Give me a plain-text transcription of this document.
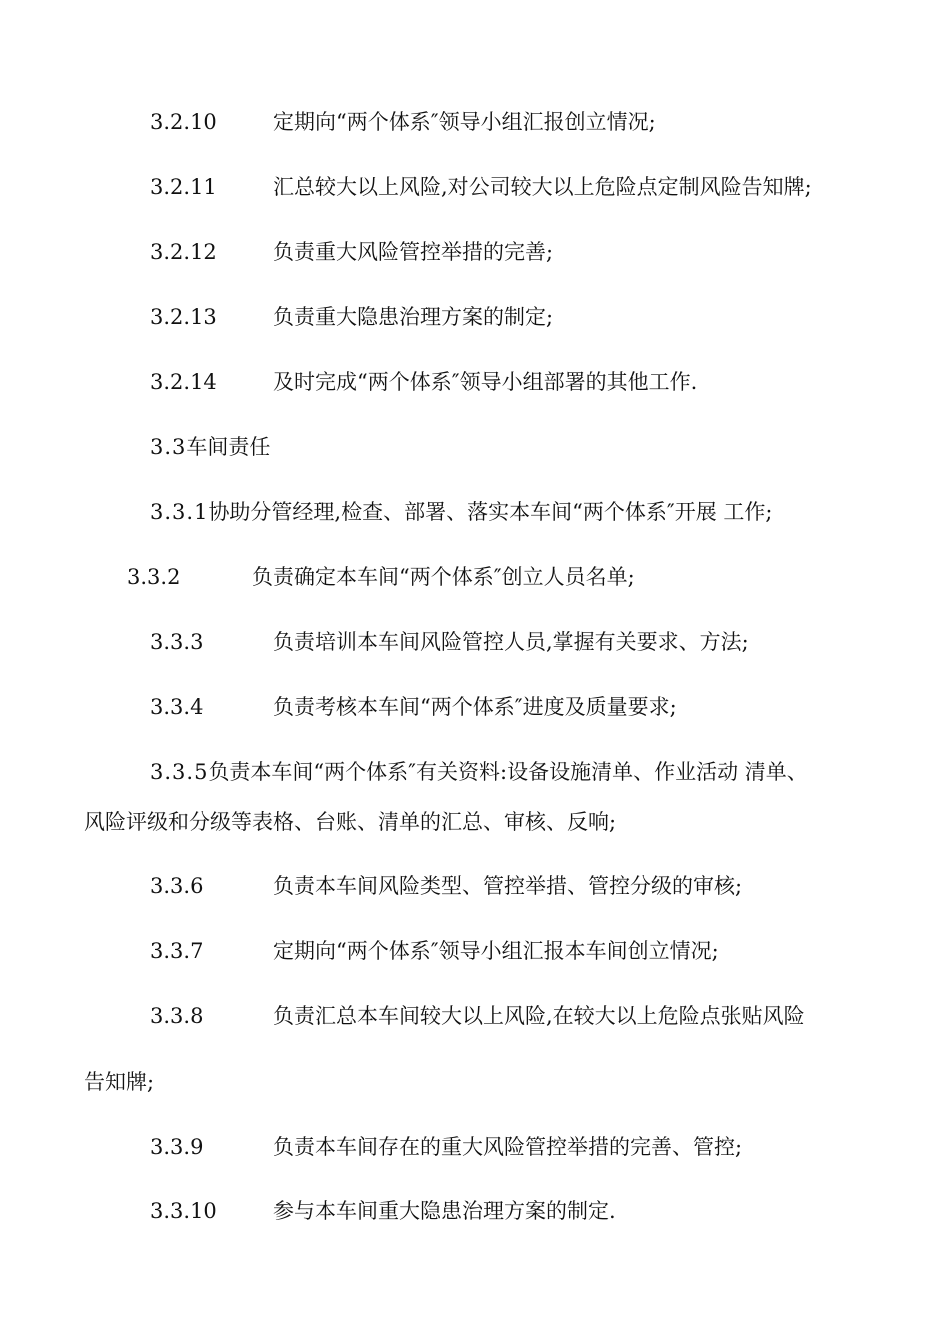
3.2.10	定期向“两个体系″领导小组汇报创立情况;
3.2.11	汇总较大以上风险,对公司较大以上危险点定制风险告知牌;
3.2.12	负责重大风险管控举措的完善;
3.2.13	负责重大隐患治理方案的制定;
3.2.14	及时完成“两个体系″领导小组部署的其他工作.
3.3车间责任
3.3.1协助分管经理,检查、部署、落实本车间“两个体系″开展 工作;
3.3.2	负责确定本车间“两个体系″创立人员名单;
3.3.3	负责培训本车间风险管控人员,掌握有关要求、方法;
3.3.4	负责考核本车间“两个体系″进度及质量要求;
3.3.5负责本车间“两个体系″有关资料:设备设施清单、作业活动 清单、
风险评级和分级等表格、台账、清单的汇总、审核、反响;
3.3.6	负责本车间风险类型、管控举措、管控分级的审核;
3.3.7	定期向“两个体系″领导小组汇报本车间创立情况;
3.3.8	负责汇总本车间较大以上风险,在较大以上危险点张贴风险
告知牌;
3.3.9	负责本车间存在的重大风险管控举措的完善、管控;
3.3.10	参与本车间重大隐患治理方案的制定.
